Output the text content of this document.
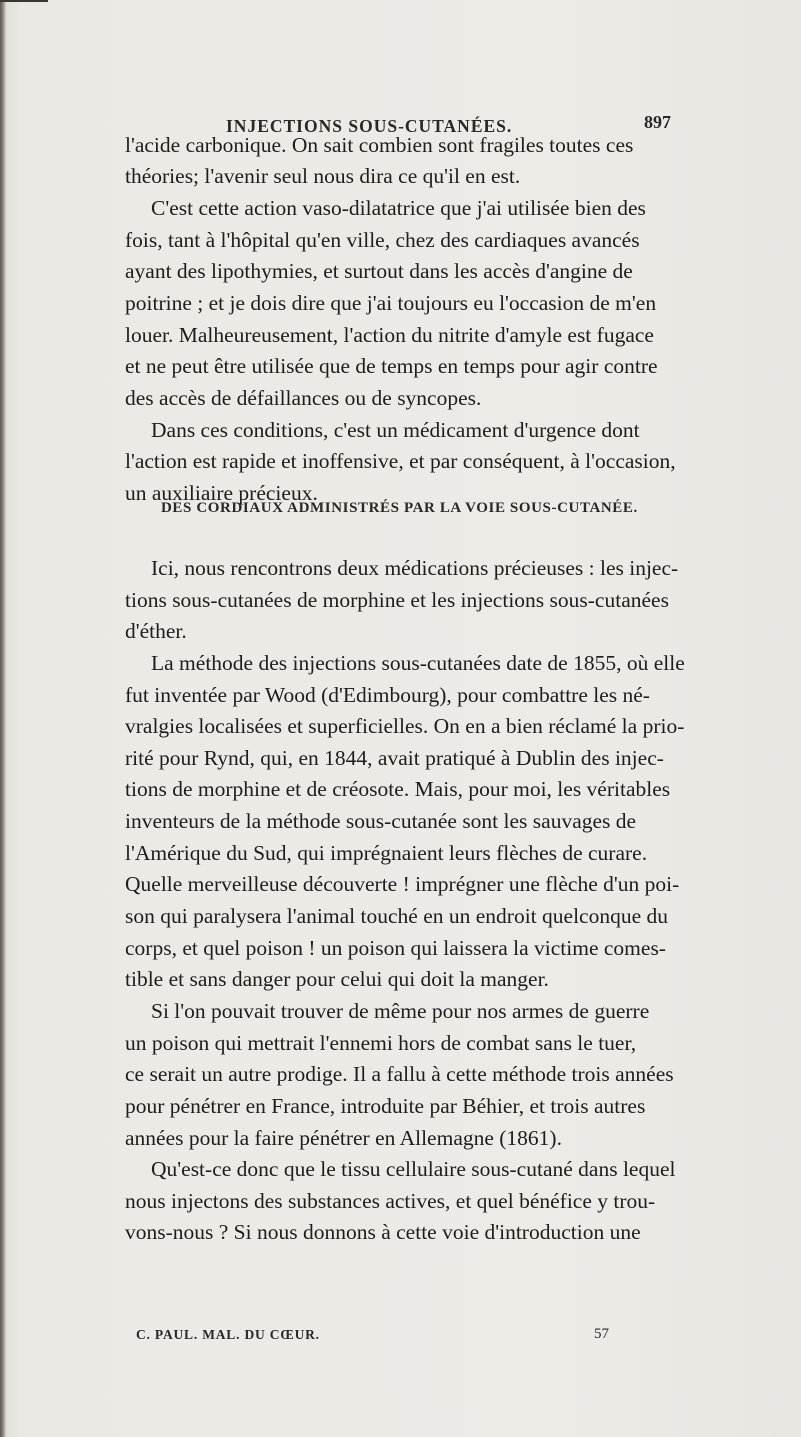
INJECTIONS SOUS-CUTANÉES.	897
l'acide carbonique. On sait combien sont fragiles toutes ces
théories; l'avenir seul nous dira ce qu'il en est.
C'est cette action vaso-dilatatrice que j'ai utilisée bien des
fois, tant à l'hôpital qu'en ville, chez des cardiaques avancés
ayant des lipothymies, et surtout dans les accès d'angine de
poitrine ; et je dois dire que j'ai toujours eu l'occasion de m'en
louer. Malheureusement, l'action du nitrite d'amyle est fugace
et ne peut être utilisée que de temps en temps pour agir contre
des accès de défaillances ou de syncopes.
Dans ces conditions, c'est un médicament d'urgence dont
l'action est rapide et inoffensive, et par conséquent, à l'occasion,
un auxiliaire précieux.
DES CORDIAUX ADMINISTRÉS PAR LA VOIE SOUS-CUTANÉE.
Ici, nous rencontrons deux médications précieuses : les injec-
tions sous-cutanées de morphine et les injections sous-cutanées
d'éther.
La méthode des injections sous-cutanées date de 1855, où elle
fut inventée par Wood (d'Edimbourg), pour combattre les né-
vralgies localisées et superficielles. On en a bien réclamé la prio-
rité pour Rynd, qui, en 1844, avait pratiqué à Dublin des injec-
tions de morphine et de créosote. Mais, pour moi, les véritables
inventeurs de la méthode sous-cutanée sont les sauvages de
l'Amérique du Sud, qui imprégnaient leurs flèches de curare.
Quelle merveilleuse découverte ! imprégner une flèche d'un poi-
son qui paralysera l'animal touché en un endroit quelconque du
corps, et quel poison ! un poison qui laissera la victime comes-
tible et sans danger pour celui qui doit la manger.
Si l'on pouvait trouver de même pour nos armes de guerre
un poison qui mettrait l'ennemi hors de combat sans le tuer,
ce serait un autre prodige. Il a fallu à cette méthode trois années
pour pénétrer en France, introduite par Béhier, et trois autres
années pour la faire pénétrer en Allemagne (1861).
Qu'est-ce donc que le tissu cellulaire sous-cutané dans lequel
nous injectons des substances actives, et quel bénéfice y trou-
vons-nous ? Si nous donnons à cette voie d'introduction une
C. PAUL. MAL. DU CŒUR.	57
